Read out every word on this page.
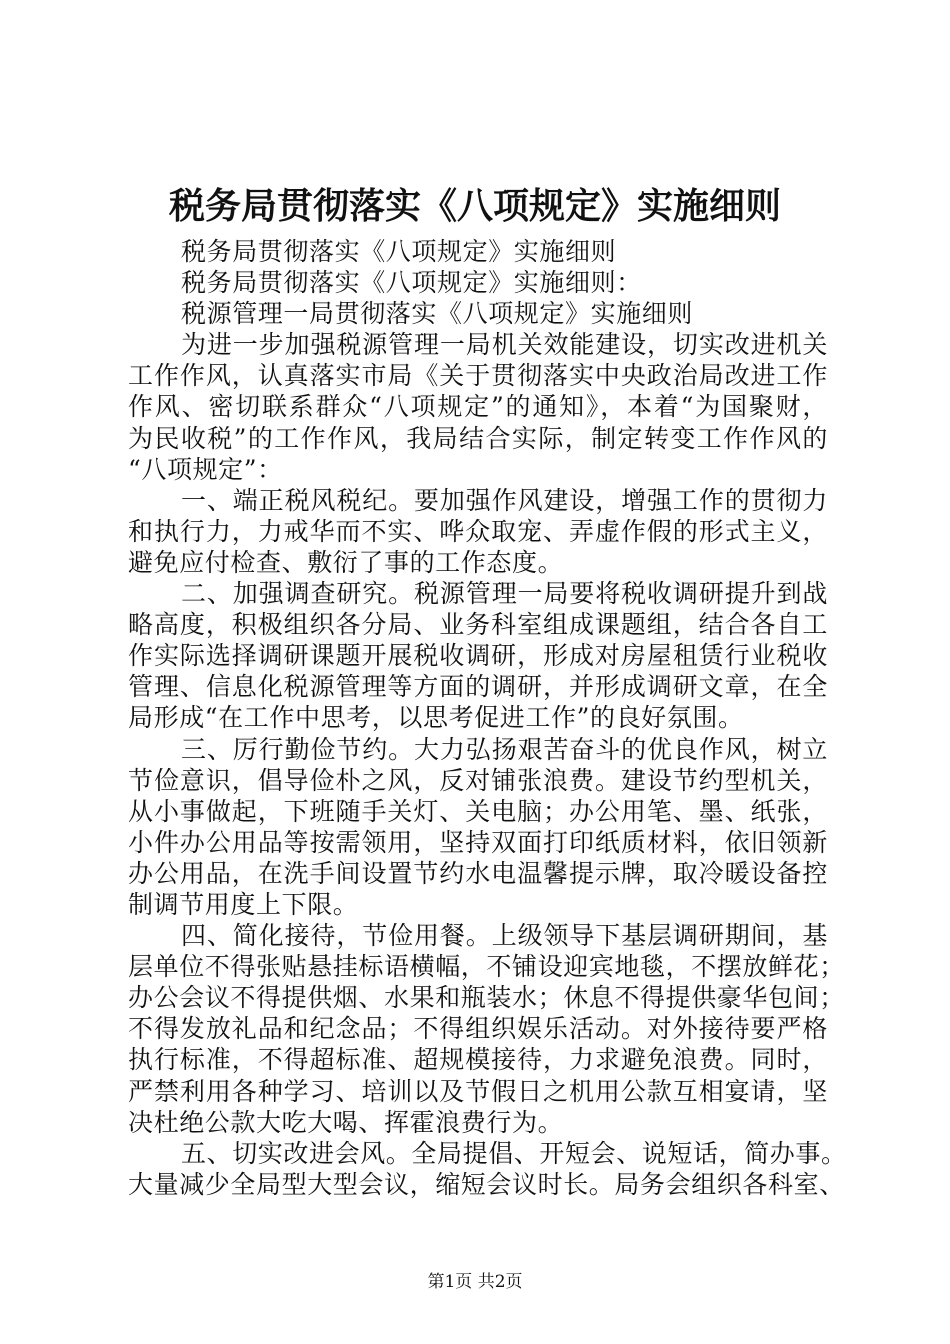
税务局贯彻落实《八项规定》实施细则
税务局贯彻落实《八项规定》实施细则
税务局贯彻落实《八项规定》实施细则：
税源管理一局贯彻落实《八项规定》实施细则
为进一步加强税源管理一局机关效能建设，切实改进机关
工作作风，认真落实市局《关于贯彻落实中央政治局改进工作
作风、密切联系群众“八项规定”的通知》，本着“为国聚财，
为民收税”的工作作风，我局结合实际，制定转变工作作风的
“八项规定”：
一、端正税风税纪。要加强作风建设，增强工作的贯彻力
和执行力，力戒华而不实、哗众取宠、弄虚作假的形式主义，
避免应付检查、敷衍了事的工作态度。
二、加强调查研究。税源管理一局要将税收调研提升到战
略高度，积极组织各分局、业务科室组成课题组，结合各自工
作实际选择调研课题开展税收调研，形成对房屋租赁行业税收
管理、信息化税源管理等方面的调研，并形成调研文章，在全
局形成“在工作中思考，以思考促进工作”的良好氛围。
三、厉行勤俭节约。大力弘扬艰苦奋斗的优良作风，树立
节俭意识，倡导俭朴之风，反对铺张浪费。建设节约型机关，
从小事做起，下班随手关灯、关电脑；办公用笔、墨、纸张，
小件办公用品等按需领用，坚持双面打印纸质材料，依旧领新
办公用品，在洗手间设置节约水电温馨提示牌，取冷暖设备控
制调节用度上下限。
四、简化接待，节俭用餐。上级领导下基层调研期间，基
层单位不得张贴悬挂标语横幅，不铺设迎宾地毯，不摆放鲜花；
办公会议不得提供烟、水果和瓶装水；休息不得提供豪华包间；
不得发放礼品和纪念品；不得组织娱乐活动。对外接待要严格
执行标准，不得超标准、超规模接待，力求避免浪费。同时，
严禁利用各种学习、培训以及节假日之机用公款互相宴请，坚
决杜绝公款大吃大喝、挥霍浪费行为。
五、切实改进会风。全局提倡、开短会、说短话，简办事。
大量减少全局型大型会议，缩短会议时长。局务会组织各科室、
第1页 共2页
